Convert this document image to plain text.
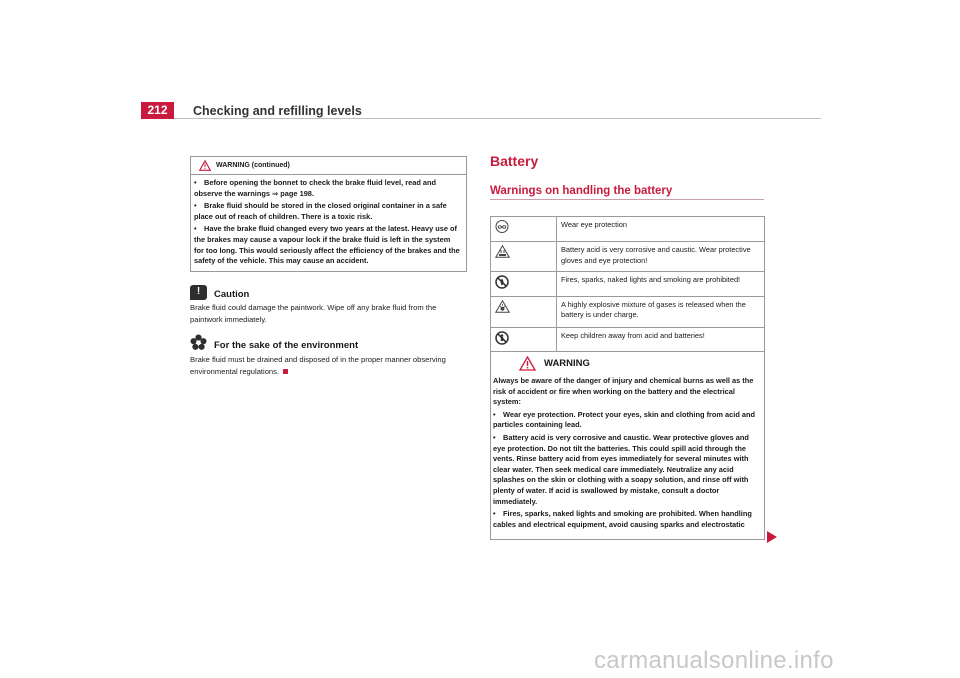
212	Checking and refilling levels
WARNING (continued)
• Before opening the bonnet to check the brake fluid level, read and observe the warnings ⇒ page 198.
• Brake fluid should be stored in the closed original container in a safe place out of reach of children. There is a toxic risk.
• Have the brake fluid changed every two years at the latest. Heavy use of the brakes may cause a vapour lock if the brake fluid is left in the system for too long. This would seriously affect the efficiency of the brakes and the safety of the vehicle. This may cause an accident.
!	Caution
Brake fluid could damage the paintwork. Wipe off any brake fluid from the paintwork immediately.
For the sake of the environment
Brake fluid must be drained and disposed of in the proper manner observing environmental regulations.
Battery
Warnings on handling the battery
	Wear eye protection
	Battery acid is very corrosive and caustic. Wear protective gloves and eye protection!
	Fires, sparks, naked lights and smoking are prohibited!
	A highly explosive mixture of gases is released when the battery is under charge.
	Keep children away from acid and batteries!
WARNING
Always be aware of the danger of injury and chemical burns as well as the risk of accident or fire when working on the battery and the electrical system:
• Wear eye protection. Protect your eyes, skin and clothing from acid and particles containing lead.
• Battery acid is very corrosive and caustic. Wear protective gloves and eye protection. Do not tilt the batteries. This could spill acid through the vents. Rinse battery acid from eyes immediately for several minutes with clear water. Then seek medical care immediately. Neutralize any acid splashes on the skin or clothing with a soapy solution, and rinse off with plenty of water. If acid is swallowed by mistake, consult a doctor immediately.
• Fires, sparks, naked lights and smoking are prohibited. When handling cables and electrical equipment, avoid causing sparks and electrostatic
carmanualsonline.info
